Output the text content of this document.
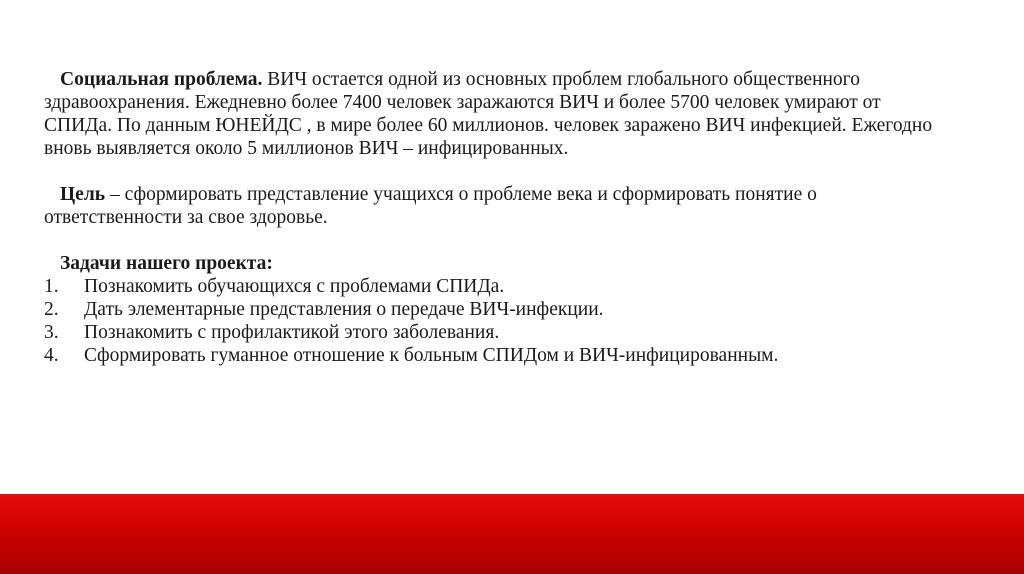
Социальная проблема. ВИЧ остается одной из основных проблем глобального общественного здравоохранения. Ежедневно более 7400 человек заражаются ВИЧ и более 5700 человек умирают от СПИДа. По данным ЮНЕЙДС , в мире более 60 миллионов. человек заражено ВИЧ инфекцией. Ежегодно вновь выявляется около 5 миллионов ВИЧ – инфицированных.

Цель – сформировать представление учащихся о проблеме века и сформировать понятие о ответственности за свое здоровье.

Задачи нашего проекта:

1.	Познакомить обучающихся с проблемами СПИДа.
2.	Дать элементарные представления о передаче ВИЧ-инфекции.
3.	Познакомить с профилактикой этого заболевания.
4.	Сформировать гуманное отношение к больным СПИДом и ВИЧ-инфицированным.
